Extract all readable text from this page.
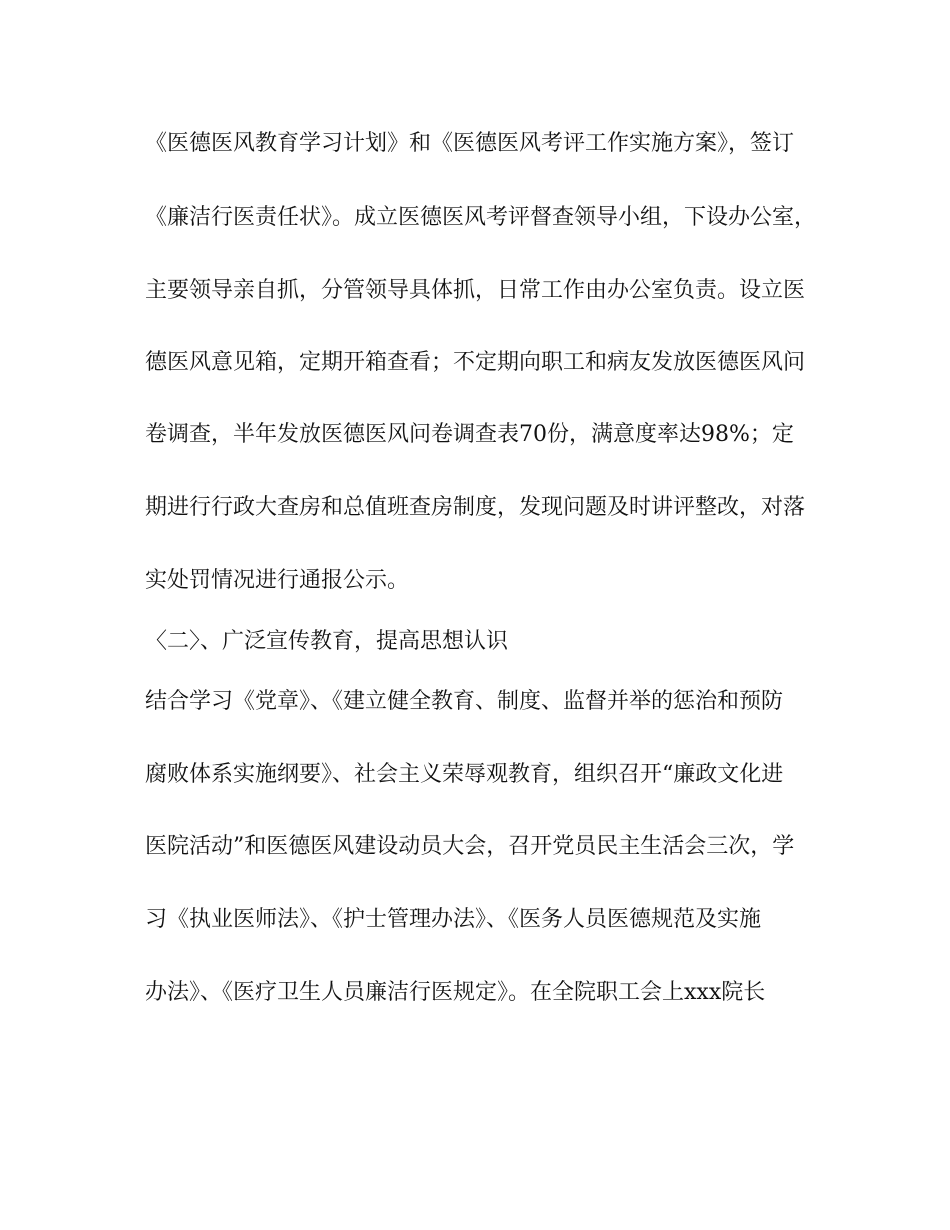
《医德医风教育学习计划》和《医德医风考评工作实施方案》，签订
《廉洁行医责任状》。成立医德医风考评督查领导小组，下设办公室，
主要领导亲自抓，分管领导具体抓，日常工作由办公室负责。设立医
德医风意见箱，定期开箱查看；不定期向职工和病友发放医德医风问
卷调查，半年发放医德医风问卷调查表70份，满意度率达98%；定
期进行行政大查房和总值班查房制度，发现问题及时讲评整改，对落
实处罚情况进行通报公示。
〈二〉、广泛宣传教育，提高思想认识
结合学习《党章》、《建立健全教育、制度、监督并举的惩治和预防
腐败体系实施纲要》、社会主义荣辱观教育，组织召开“廉政文化进
医院活动”和医德医风建设动员大会，召开党员民主生活会三次，学
习《执业医师法》、《护士管理办法》、《医务人员医德规范及实施
办法》、《医疗卫生人员廉洁行医规定》。在全院职工会上xxx院长
